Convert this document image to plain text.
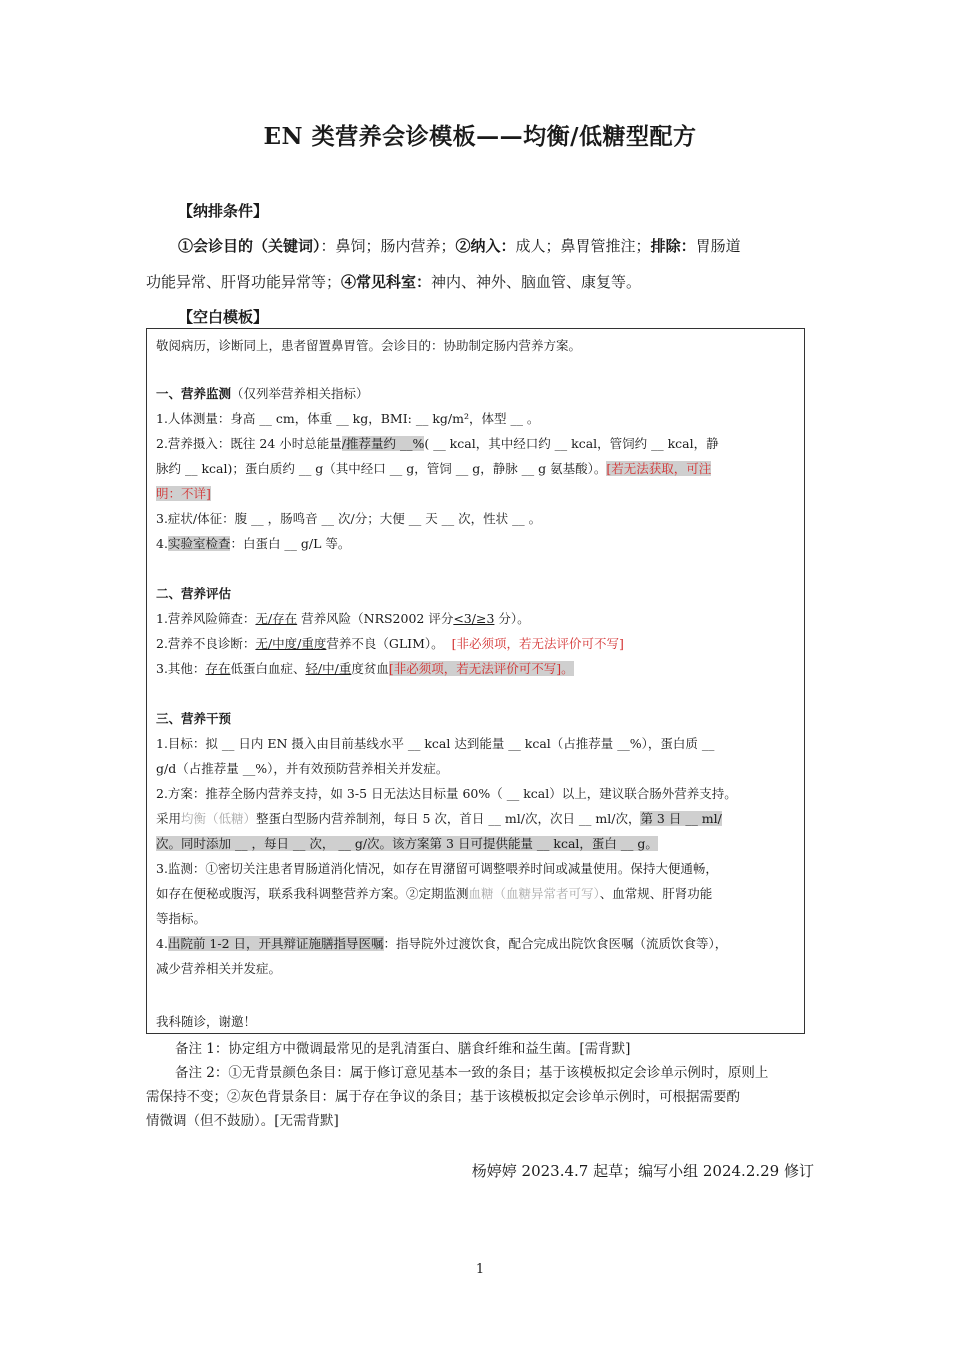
EN 类营养会诊模板——均衡/低糖型配方
【纳排条件】
①会诊目的（关键词）：鼻饲；肠内营养；②纳入：成人；鼻胃管推注；排除：胃肠道
功能异常、肝肾功能异常等；④常见科室：神内、神外、脑血管、康复等。
【空白模板】
敬阅病历，诊断同上，患者留置鼻胃管。会诊目的：协助制定肠内营养方案。
一、营养监测（仅列举营养相关指标）
1.人体测量：身高 __ cm，体重 __ kg，BMI: __ kg/m²，体型 __ 。
2.营养摄入：既往 24 小时总能量/推荐量约 __%( __ kcal，其中经口约 __ kcal，管饲约 __ kcal，静
脉约 __ kcal)；蛋白质约 __ g（其中经口 __ g，管饲 __ g，静脉 __ g 氨基酸）。[若无法获取，可注
明：不详]
3.症状/体征：腹 __ ，肠鸣音 __ 次/分；大便 __ 天 __ 次，性状 __ 。
4.实验室检查：白蛋白 __ g/L 等。
二、营养评估
1.营养风险筛查：无/存在 营养风险（NRS2002 评分<3/≥3 分）。
2.营养不良诊断：无/中度/重度营养不良（GLIM）。 [非必须项，若无法评价可不写]
3.其他：存在低蛋白血症、轻/中/重度贫血[非必须项，若无法评价可不写]。
三、营养干预
1.目标：拟 __ 日内 EN 摄入由目前基线水平 __ kcal 达到能量 __ kcal（占推荐量 __%），蛋白质 __
g/d（占推荐量 __%），并有效预防营养相关并发症。
2.方案：推荐全肠内营养支持，如 3-5 日无法达目标量 60%（ __ kcal）以上，建议联合肠外营养支持。
采用均衡（低糖）整蛋白型肠内营养制剂，每日 5 次，首日 __ ml/次，次日 __ ml/次，第 3 日 __ ml/
次。同时添加 __ ，每日 __ 次， __ g/次。该方案第 3 日可提供能量 __ kcal，蛋白 __ g。
3.监测：①密切关注患者胃肠道消化情况，如存在胃潴留可调整喂养时间或减量使用。保持大便通畅，
如存在便秘或腹泻，联系我科调整营养方案。②定期监测血糖（血糖异常者可写）、血常规、肝肾功能
等指标。
4.出院前 1-2 日，开具辩证施膳指导医嘱：指导院外过渡饮食，配合完成出院饮食医嘱（流质饮食等），
减少营养相关并发症。
我科随诊，谢邀！
备注 1：协定组方中微调最常见的是乳清蛋白、膳食纤维和益生菌。[需背默]
备注 2：①无背景颜色条目：属于修订意见基本一致的条目；基于该模板拟定会诊单示例时，原则上
需保持不变；②灰色背景条目：属于存在争议的条目；基于该模板拟定会诊单示例时，可根据需要酌
情微调（但不鼓励）。[无需背默]
杨婷婷 2023.4.7 起草；编写小组 2024.2.29 修订
1
